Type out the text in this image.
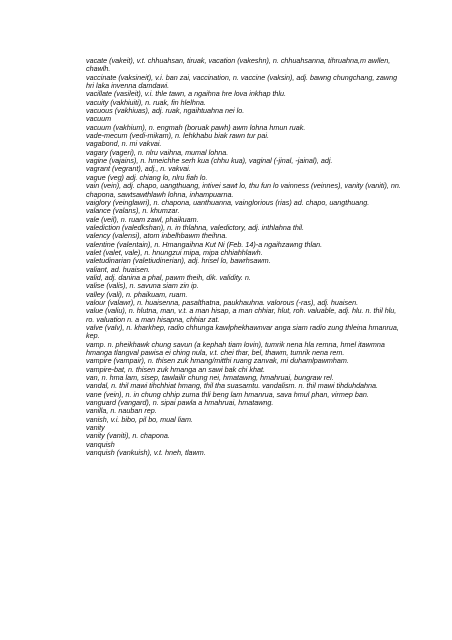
vacate (vakeit), v.t. chhuahsan, tiruak, vacation (vakeshn), n. chhuahsanna, tihruahna,m awllen, chawlh.

vaccinate (vaksineit), v.i. ban zai, vaccination, n. vaccine (vaksin), adj. bawng chungchang, zawng hri laka invenna damdawi.

vacillate (vasileit), v.i. thle tawn, a ngaihna hre lova inkhap thlu.

vacuity (vakhiuiti), n. ruak, fin hlelhna.

vacuous (vakhiuas), adj. ruak, ngaihtuahna nei lo.

vacuum

vacuum (vakhium), n. engmah (boruak pawh) awm lohna hmun ruak.

vade-mecum (vedi-mikam), n. lehkhabu biak rawn tur pai.

vagabond, n. mi vakvai.

vagary (vageri), n. nlru vaihna, mumal lohna.

vagine (vajains), n. hmeichhe serh kua (chhu kua), vaginal (-jinal, -jainal), adj.

vagrant (vegrant), adj., n. vakvai.

vague (veg) adj. chiang lo, nlru fiah lo.

vain (vein), adj. chapo, uangthuang, intivei sawt lo, thu fun lo vainness (veinnes), vanity (vaniti), nn. chapona, sawtsawthlawh lohna, inhampuarna.

vaiglory (veinglawri), n. chapona, uanthuanna, vainglorious (rias) ad. chapo, uangthuang.

valance (valans), n. khumzar.

vale (veil), n. ruam zawl, phaikuam.

valediction (valedkshan), n. in thlahna, valedictory, adj. inthlahna thil.

valency (valensi), atom inbelhbawm theihna.

valentine (valentain), n. Hmangaihna Kut Ni (Feb. 14)-a ngaihzawng thlan.

valet (valet, vale), n. hnungzui mipa, mipa chhiahhlawh.

valetudinarian (valetiudinerian), adj. hrisel lo, bawrhsawm.

valiant, ad. huaisen.

valid, adj. danina a phal, pawm theih, dik. validity. n.

valise (valis), n. savuna siam zin ip.

valley (vali), n. phaikuam, ruam.

valour (valawr), n. huaisenna, pasalthatna, paukhauhna. valorous (-ras), adj. huaisen.

value (valiu), n. hlutna, man, v.t. a man hisap, a man chhiar, hlut, roh. valuable, adj. hlu. n. thil hlu, ro. valuation n. a man hisapna, chhiar zat.

valve (valv), n. kharkhep, radio chhunga kawlphekhawnvar anga siam radio zung thleina hmanrua, kep.

vamp. n. pheikhawk chung savun (a kephah tiam lovin), tumrik nena hla remna, hmel itawmna hmanga tlangval pawisa ei ching nula, v.t. chei thar, bel, thawm, tumrik nena rem.

vampire (vampair), n. thisen zuk hmang/mitthi ruang zanvak, mi duhamlpawmham.

vampire-bat, n. thisen zuk hmanga an sawi bak chi khat.

van, n. hma lam, sisep, tawlailir chung nei, hmatawng, hmahruai, bungraw rel.

vandal, n. thil mawi tihchhiat hmang, thil tha suasamtu. vandalism. n. thil mawi tihduhdahna.

vane (vein), n. in chung chhip zuma thli beng lam hmanrua, sava hmul phan, virmep ban.

vanguard (vangard), n. sipai pawla a hmahruai, hmatawng.

vanilla, n. nauban rep.

vanish, v.i. bibo, pil bo, mual liam.

vanity

vanity (vaniti), n. chapona.

vanquish

vanquish (vankuish), v.t. hneh, tlawm.
